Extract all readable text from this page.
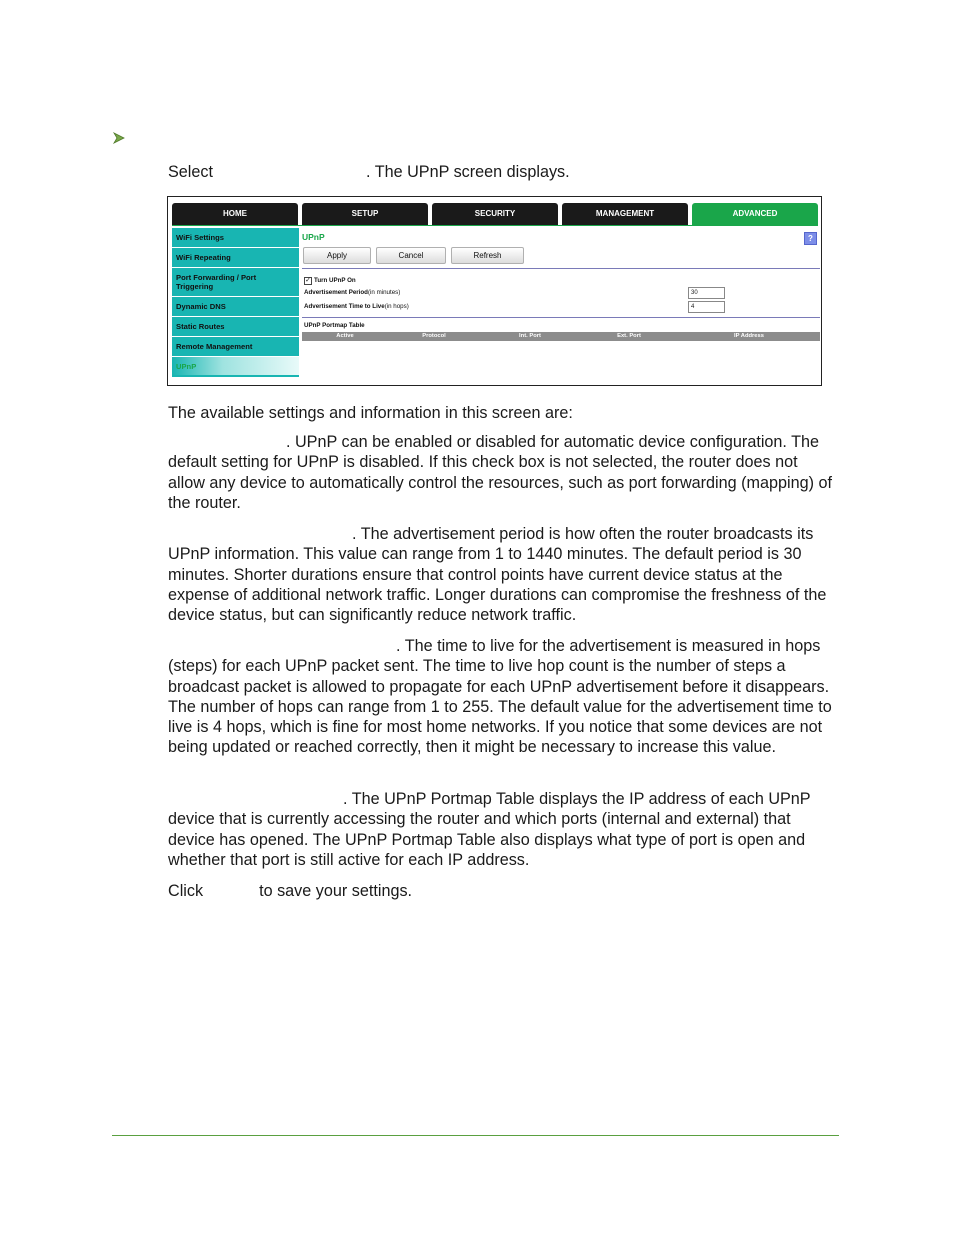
Select	. The UPnP screen displays.

HOME	SETUP	SECURITY	MANAGEMENT	ADVANCED
WiFi Settings
WiFi Repeating
Port Forwarding / Port Triggering
Dynamic DNS
Static Routes
Remote Management
UPnP
UPnP	?
Apply	Cancel	Refresh
✓ Turn UPnP On
Advertisement Period(in minutes)	30
Advertisement Time to Live(in hops)	4
UPnP Portmap Table
Active	Protocol	Int. Port	Ext. Port	IP Address

The available settings and information in this screen are:

. UPnP can be enabled or disabled for automatic device configuration. The default setting for UPnP is disabled. If this check box is not selected, the router does not allow any device to automatically control the resources, such as port forwarding (mapping) of the router.

. The advertisement period is how often the router broadcasts its UPnP information. This value can range from 1 to 1440 minutes. The default period is 30 minutes. Shorter durations ensure that control points have current device status at the expense of additional network traffic. Longer durations can compromise the freshness of the device status, but can significantly reduce network traffic.

. The time to live for the advertisement is measured in hops (steps) for each UPnP packet sent. The time to live hop count is the number of steps a broadcast packet is allowed to propagate for each UPnP advertisement before it disappears. The number of hops can range from 1 to 255. The default value for the advertisement time to live is 4 hops, which is fine for most home networks. If you notice that some devices are not being updated or reached correctly, then it might be necessary to increase this value.

. The UPnP Portmap Table displays the IP address of each UPnP device that is currently accessing the router and which ports (internal and external) that device has opened. The UPnP Portmap Table also displays what type of port is open and whether that port is still active for each IP address.

Click	to save your settings.
